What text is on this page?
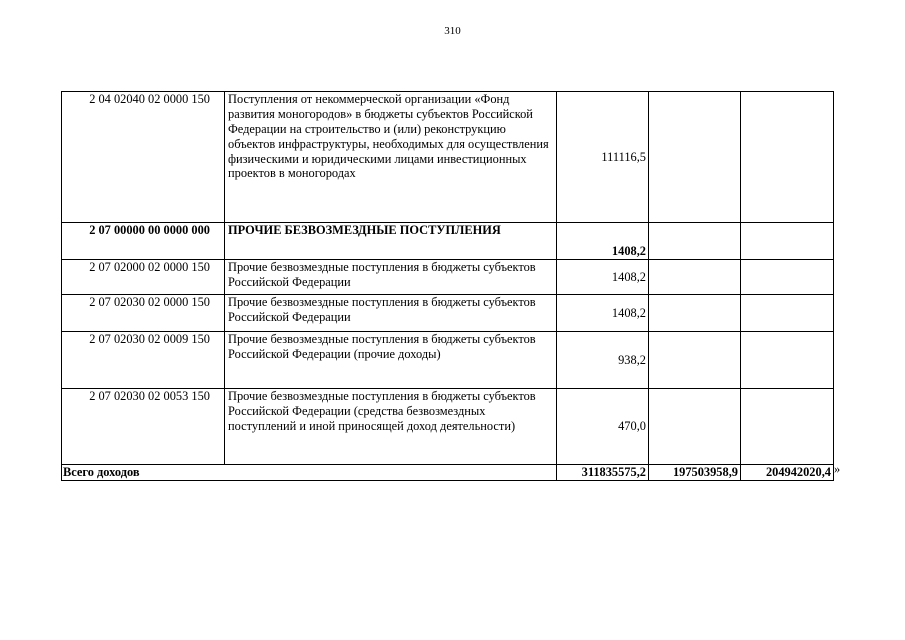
310
2 04 02040 02 0000 150	Поступления от некоммерческой организации «Фонд развития моногородов» в бюджеты субъектов Российской Федерации на строительство и (или) реконструкцию объектов инфраструктуры, необходимых для осуществления физическими и юридическими лицами инвестиционных проектов в моногородах	111116,5		
2 07 00000 00 0000 000	ПРОЧИЕ БЕЗВОЗМЕЗДНЫЕ ПОСТУПЛЕНИЯ	1408,2		
2 07 02000 02 0000 150	Прочие безвозмездные поступления в бюджеты субъектов Российской Федерации	1408,2		
2 07 02030 02 0000 150	Прочие безвозмездные поступления в бюджеты субъектов Российской Федерации	1408,2		
2 07 02030 02 0009 150	Прочие безвозмездные поступления в бюджеты субъектов Российской Федерации (прочие доходы)	938,2		
2 07 02030 02 0053 150	Прочие безвозмездные поступления в бюджеты субъектов Российской Федерации (средства безвозмездных поступлений и иной приносящей доход деятельности)	470,0		
Всего доходов		311835575,2	197503958,9	204942020,4 »
